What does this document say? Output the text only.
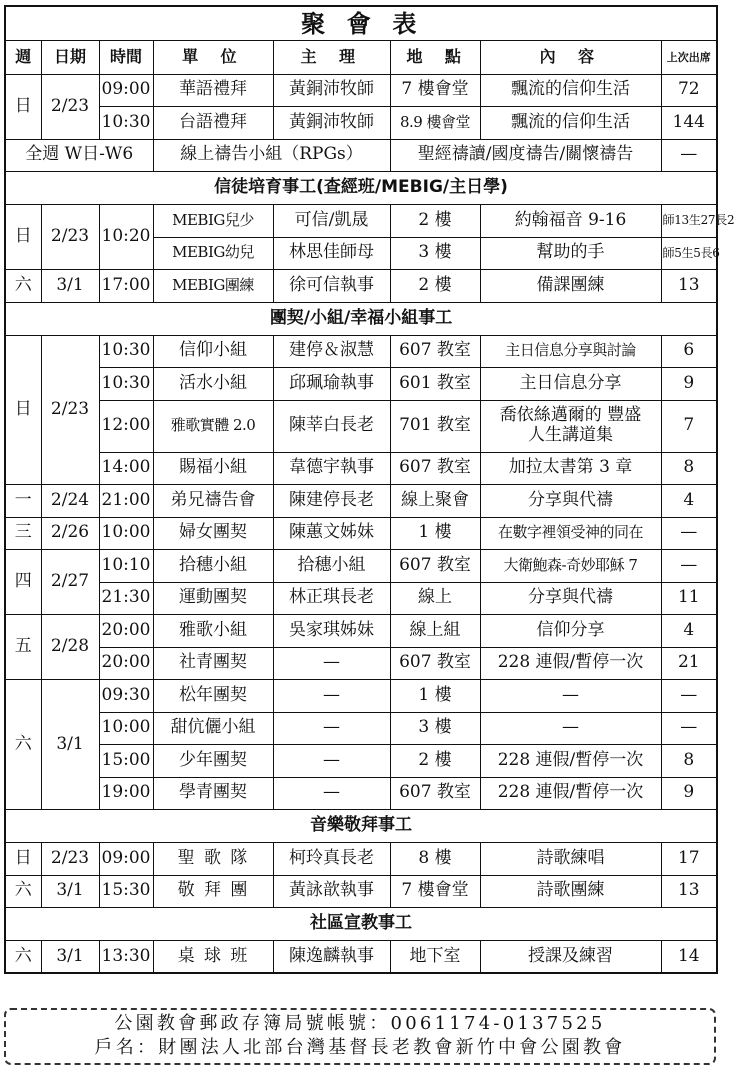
聚會表							
週	日期	時間	單位	主理	地點	內容	上次出席
日	2/23	09:00	華語禮拜	黃銅沛牧師	7 樓會堂	飄流的信仰生活	72
		10:30	台語禮拜	黃銅沛牧師	8.9 樓會堂	飄流的信仰生活	144
全週 W日-W6			線上禱告小組（RPGs）		聖經禱讀/國度禱告/關懷禱告		—
信徒培育事工(查經班/MEBIG/主日學)							
日	2/23	10:20	MEBIG兒少	可信/凱晟	2 樓	約翰福音 9-16	師13生27長2
			MEBIG幼兒	林思佳師母	3 樓	幫助的手	師5生5長6
六	3/1	17:00	MEBIG團練	徐可信執事	2 樓	備課團練	13
團契/小組/幸福小組事工							
日	2/23	10:30	信仰小組	建停＆淑慧	607 教室	主日信息分享與討論	6
		10:30	活水小組	邱珮瑜執事	601 教室	主日信息分享	9
		12:00	雅歌實體 2.0	陳莘白長老	701 教室	喬依絲邁爾的 豐盛人生講道集	7
		14:00	賜福小組	韋德宇執事	607 教室	加拉太書第 3 章	8
一	2/24	21:00	弟兄禱告會	陳建停長老	線上聚會	分享與代禱	4
三	2/26	10:00	婦女團契	陳蕙文姊妹	1 樓	在數字裡領受神的同在	—
四	2/27	10:10	拾穗小組	拾穗小組	607 教室	大衛鮑森-奇妙耶穌 7	—
		21:30	運動團契	林正琪長老	線上	分享與代禱	11
五	2/28	20:00	雅歌小組	吳家琪姊妹	線上組	信仰分享	4
		20:00	社青團契	—	607 教室	228 連假/暫停一次	21
六	3/1	09:30	松年團契	—	1 樓	—	—
		10:00	甜伉儷小組	—	3 樓	—	—
		15:00	少年團契	—	2 樓	228 連假/暫停一次	8
		19:00	學青團契	—	607 教室	228 連假/暫停一次	9
音樂敬拜事工							
日	2/23	09:00	聖歌隊	柯玲真長老	8 樓	詩歌練唱	17
六	3/1	15:30	敬拜團	黃詠歆執事	7 樓會堂	詩歌團練	13
社區宣教事工							
六	3/1	13:30	桌球班	陳逸麟執事	地下室	授課及練習	14
公園教會郵政存簿局號帳號：0061174-0137525
戶名：財團法人北部台灣基督長老教會新竹中會公園教會
